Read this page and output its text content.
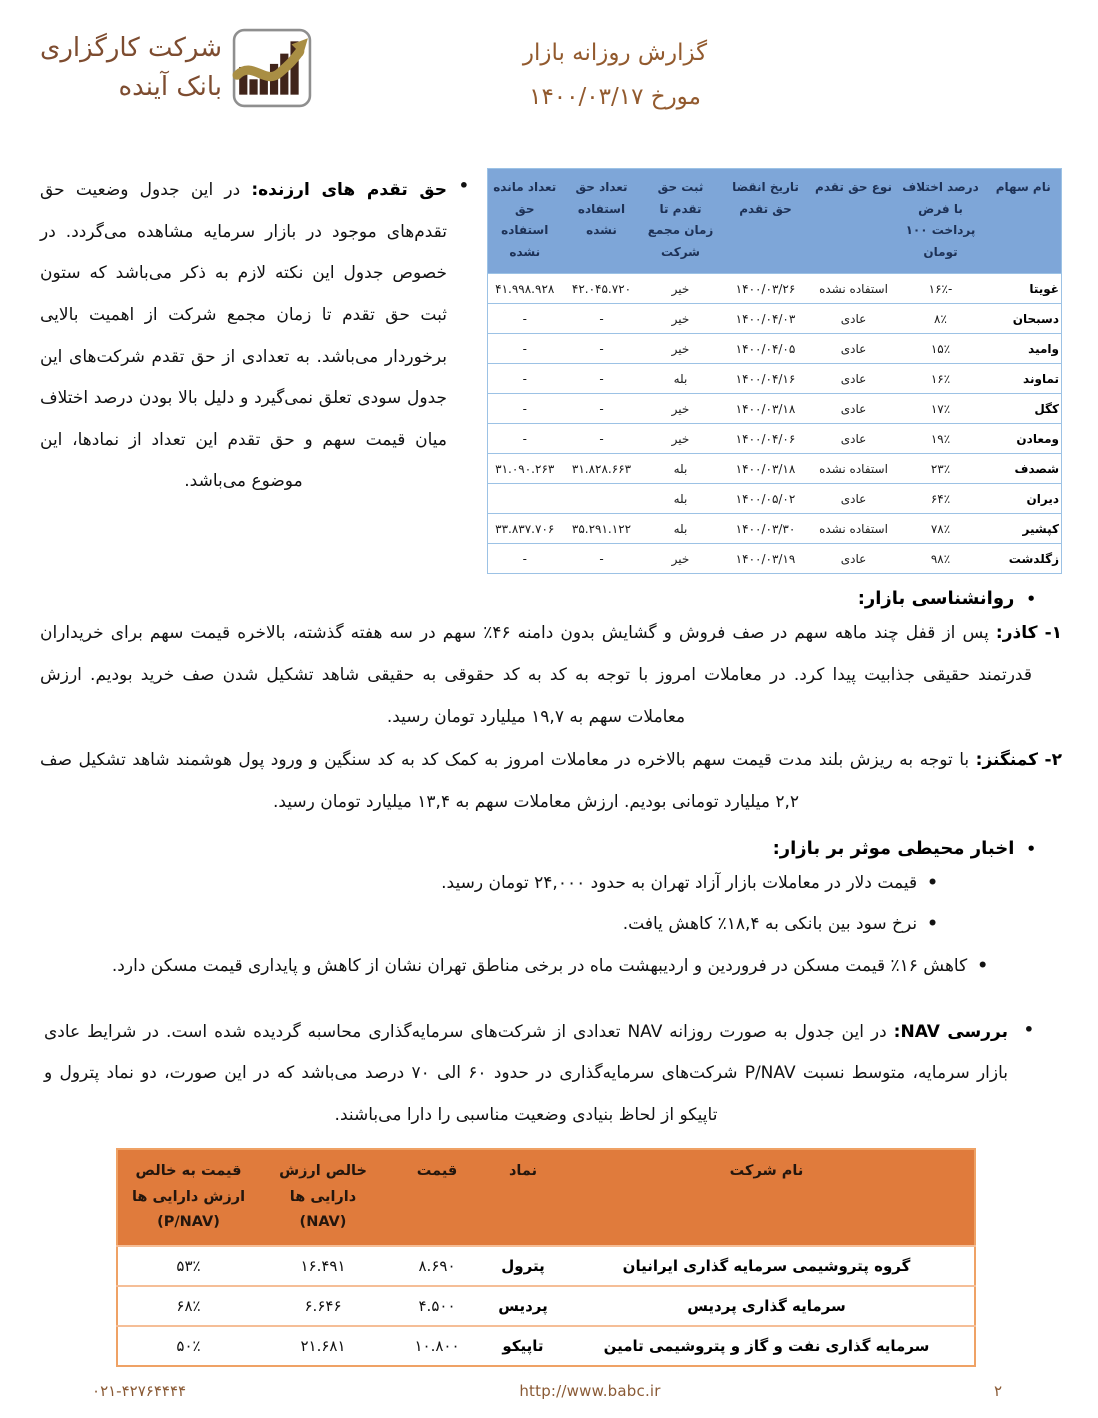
گزارش روزانه بازار
مورخ ۱۴۰۰/۰۳/۱۷
شرکت کارگزاری
بانک آینده
نام سهام	درصد اختلاف با فرض پرداخت ۱۰۰ تومان	نوع حق تقدم	تاریخ انقضا حق تقدم	ثبت حق تقدم تا زمان مجمع شرکت	تعداد حق استفاده نشده	تعداد مانده حق استفاده نشده
غویتا	-۱۶٪	استفاده نشده	۱۴۰۰/۰۳/۲۶	خیر	۴۲.۰۴۵.۷۲۰	۴۱.۹۹۸.۹۲۸
دسبحان	۸٪	عادی	۱۴۰۰/۰۴/۰۳	خیر	-	-
وامید	۱۵٪	عادی	۱۴۰۰/۰۴/۰۵	خیر	-	-
تماوند	۱۶٪	عادی	۱۴۰۰/۰۴/۱۶	بله	-	-
کگل	۱۷٪	عادی	۱۴۰۰/۰۳/۱۸	خیر	-	-
ومعادن	۱۹٪	عادی	۱۴۰۰/۰۴/۰۶	خیر	-	-
شصدف	۲۳٪	استفاده نشده	۱۴۰۰/۰۳/۱۸	بله	۳۱.۸۲۸.۶۶۳	۳۱.۰۹۰.۲۶۳
دیران	۶۴٪	عادی	۱۴۰۰/۰۵/۰۲	بله		
کپشیر	۷۸٪	استفاده نشده	۱۴۰۰/۰۳/۳۰	بله	۳۵.۲۹۱.۱۲۲	۳۳.۸۳۷.۷۰۶
زگلدشت	۹۸٪	عادی	۱۴۰۰/۰۳/۱۹	خیر	-	-
•

حق تقدم های ارزنده: در این جدول وضعیت حق تقدم‌های موجود در بازار سرمایه مشاهده می‌گردد. در خصوص جدول این نکته لازم به ذکر می‌باشد که ستون ثبت حق تقدم تا زمان مجمع شرکت از اهمیت بالایی برخوردار می‌باشد. به تعدادی از حق تقدم شرکت‌های این جدول سودی تعلق نمی‌گیرد و دلیل بالا بودن درصد اختلاف میان قیمت سهم و حق تقدم این تعداد از نمادها، این موضوع می‌باشد.

•
روانشناسی بازار:

۱- کاذر: پس از قفل چند ماهه سهم در صف فروش و گشایش بدون دامنه ۴۶٪ سهم در سه هفته گذشته، بالاخره قیمت سهم برای خریداران قدرتمند حقیقی جذابیت پیدا کرد. در معاملات امروز با توجه به کد به کد حقوقی به حقیقی شاهد تشکیل شدن صف خرید بودیم. ارزش معاملات سهم به ۱۹,۷ میلیارد تومان رسید.

۲- کمنگنز: با توجه به ریزش بلند مدت قیمت سهم بالاخره در معاملات امروز به کمک کد به کد سنگین و ورود پول هوشمند شاهد تشکیل صف ۲,۲ میلیارد تومانی بودیم. ارزش معاملات سهم به ۱۳,۴ میلیارد تومان رسید.

•
اخبار محیطی موثر بر بازار:

•قیمت دلار در معاملات بازار آزاد تهران به حدود ۲۴,۰۰۰ تومان رسید.

•نرخ سود بین بانکی به ۱۸,۴٪ کاهش یافت.

•کاهش ۱۶٪ قیمت مسکن در فروردین و اردیبهشت ماه در برخی مناطق تهران نشان از کاهش و پایداری قیمت مسکن دارد.

•

بررسی NAV: در این جدول به صورت روزانه NAV تعدادی از شرکت‌های سرمایه‌گذاری محاسبه گردیده شده است. در شرایط عادی بازار سرمایه، متوسط نسبت P/NAV شرکت‌های سرمایه‌گذاری در حدود ۶۰ الی ۷۰ درصد می‌باشد که در این صورت، دو نماد پترول و تاپیکو از لحاظ بنیادی وضعیت مناسبی را دارا می‌باشند.

نام شرکت	نماد	قیمت	خالص ارزش دارایی ها (NAV)	قیمت به خالص ارزش دارایی ها (P/NAV)
گروه پتروشیمی سرمایه گذاری ایرانیان	پترول	۸.۶۹۰	۱۶.۴۹۱	۵۳٪
سرمایه گذاری پردیس	پردیس	۴.۵۰۰	۶.۶۴۶	۶۸٪
سرمایه گذاری نفت و گاز و پتروشیمی تامین	تاپیکو	۱۰.۸۰۰	۲۱.۶۸۱	۵۰٪
۲
http://www.babc.ir
۰۲۱-۴۲۷۶۴۴۴۴
